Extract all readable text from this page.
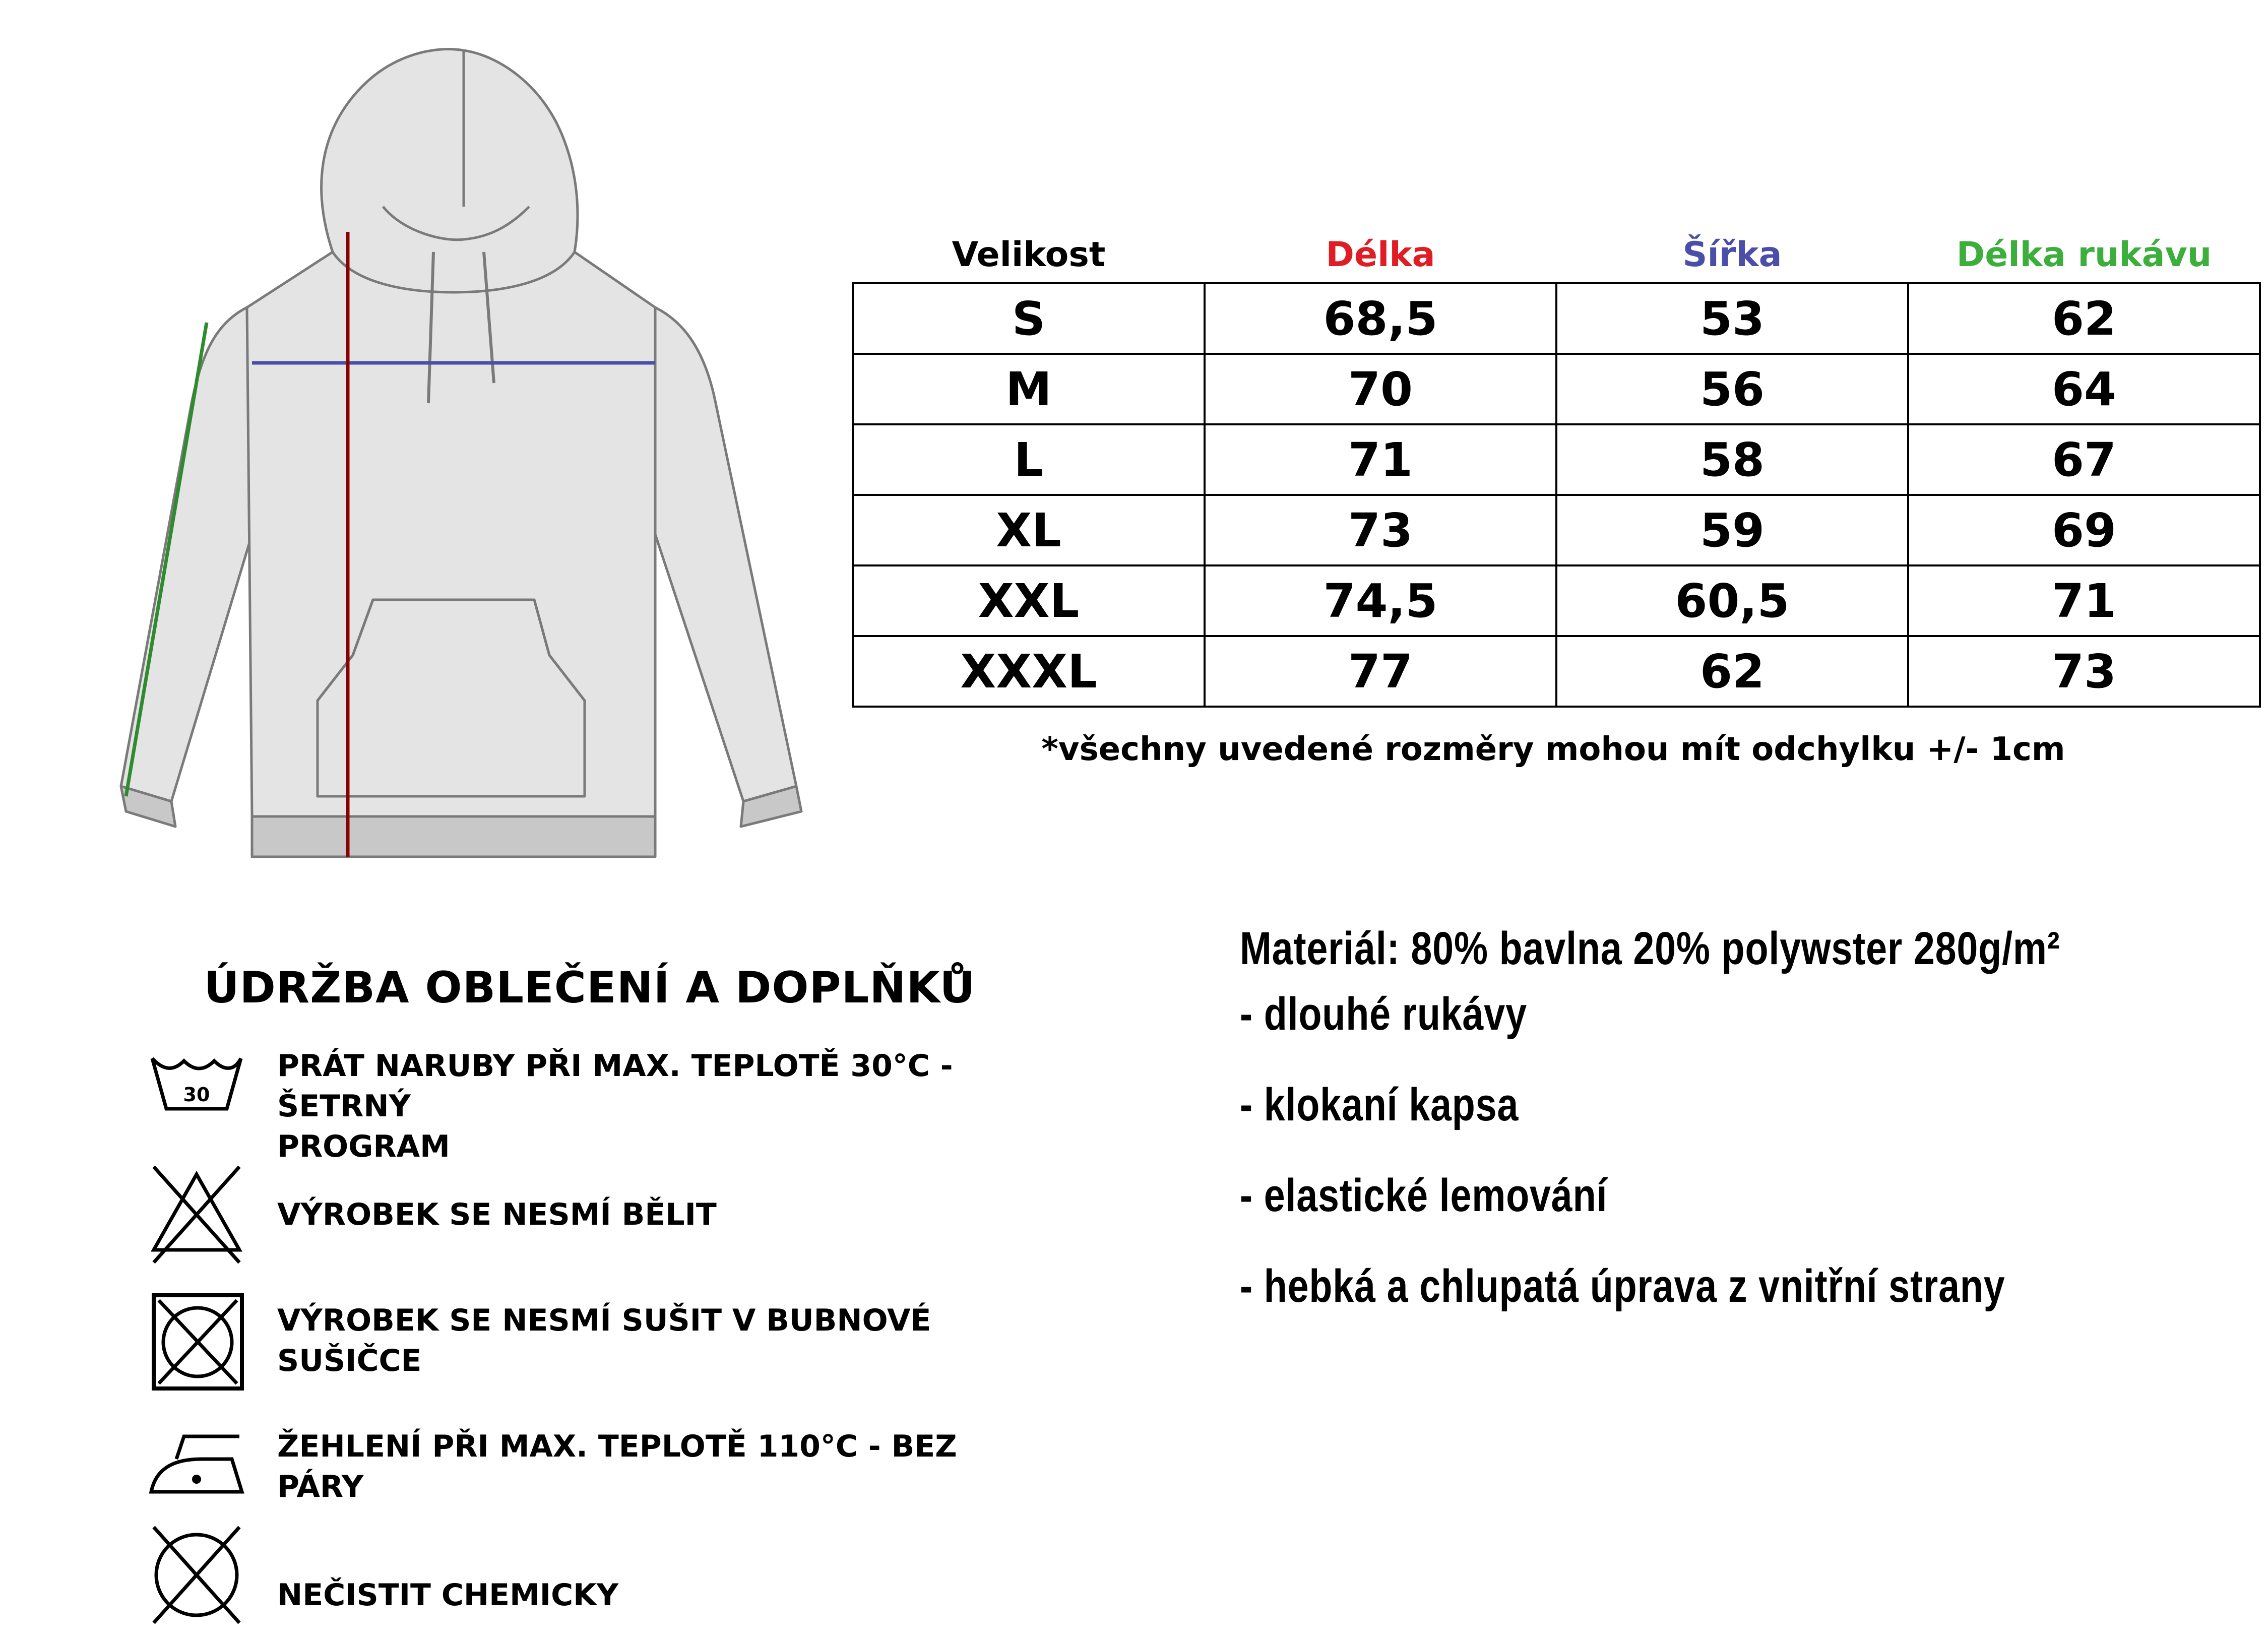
Velikost	Délka	Šířka	Délka rukávu
S	68,5	53	62
M	70	56	64
L	71	58	67
XL	73	59	69
XXL	74,5	60,5	71
XXXL	77	62	73
*všechny uvedené rozměry mohou mít odchylku +/- 1cm
ÚDRŽBA OBLEČENÍ A DOPLŇKŮ
30
PRÁT NARUBY PŘI MAX. TEPLOTĚ 30°C - ŠETRNÝ
PROGRAM
VÝROBEK SE NESMÍ BĚLIT
VÝROBEK SE NESMÍ SUŠIT V BUBNOVÉ
SUŠIČCE
ŽEHLENÍ PŘI MAX. TEPLOTĚ 110°C - BEZ
PÁRY
NEČISTIT CHEMICKY
Materiál: 80% bavlna 20% polywster 280g/m²
- dlouhé rukávy
- klokaní kapsa
- elastické lemování
- hebká a chlupatá úprava z vnitřní strany
